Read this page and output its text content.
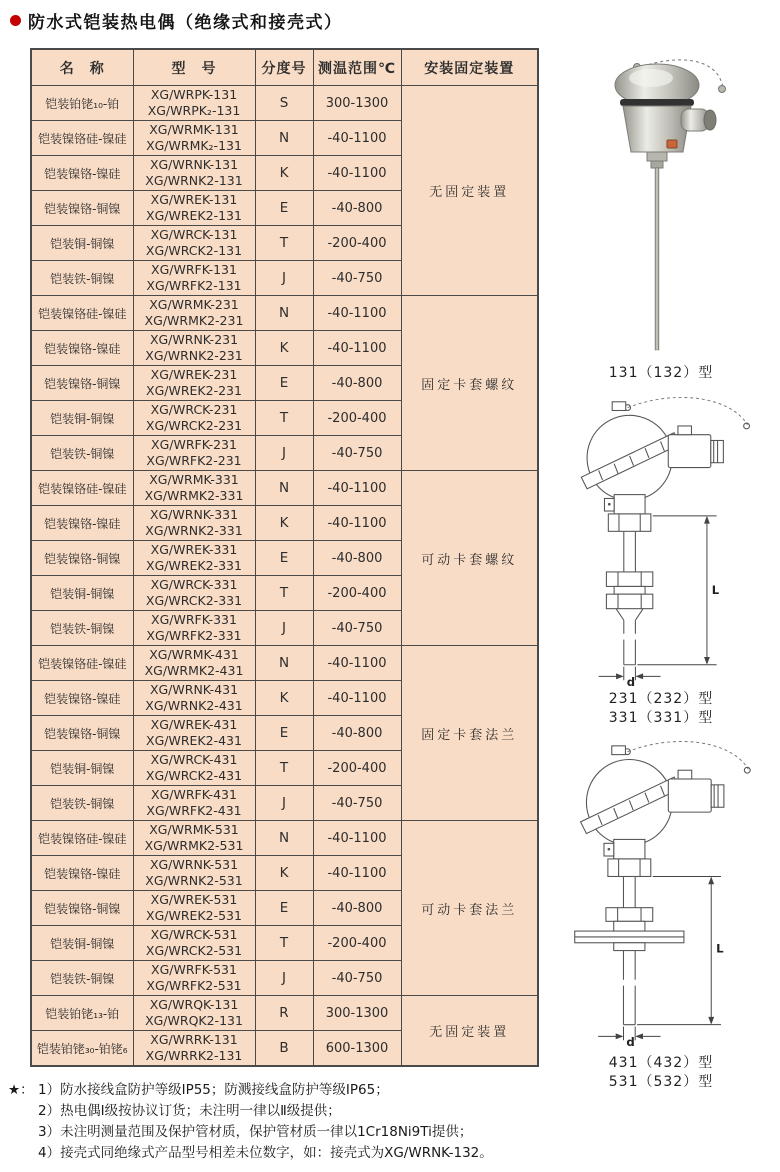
防水式铠装热电偶（绝缘式和接壳式）
名　称	型　号	分度号	测温范围℃	安装固定装置
铠装铂铑₁₀-铂	XG/WRPK-131
XG/WRPK₂-131	S	300-1300	无固定装置
铠装镍铬硅-镍硅	XG/WRMK-131
XG/WRMK₂-131	N	-40-1100	
铠装镍铬-镍硅	XG/WRNK-131
XG/WRNK2-131	K	-40-1100	
铠装镍铬-铜镍	XG/WREK-131
XG/WREK2-131	E	-40-800	
铠装铜-铜镍	XG/WRCK-131
XG/WRCK2-131	T	-200-400	
铠装铁-铜镍	XG/WRFK-131
XG/WRFK2-131	J	-40-750	
铠装镍铬硅-镍硅	XG/WRMK-231
XG/WRMK2-231	N	-40-1100	固定卡套螺纹
铠装镍铬-镍硅	XG/WRNK-231
XG/WRNK2-231	K	-40-1100	
铠装镍铬-铜镍	XG/WREK-231
XG/WREK2-231	E	-40-800	
铠装铜-铜镍	XG/WRCK-231
XG/WRCK2-231	T	-200-400	
铠装铁-铜镍	XG/WRFK-231
XG/WRFK2-231	J	-40-750	
铠装镍铬硅-镍硅	XG/WRMK-331
XG/WRMK2-331	N	-40-1100	可动卡套螺纹
铠装镍铬-镍硅	XG/WRNK-331
XG/WRNK2-331	K	-40-1100	
铠装镍铬-铜镍	XG/WREK-331
XG/WREK2-331	E	-40-800	
铠装铜-铜镍	XG/WRCK-331
XG/WRCK2-331	T	-200-400	
铠装铁-铜镍	XG/WRFK-331
XG/WRFK2-331	J	-40-750	
铠装镍铬硅-镍硅	XG/WRMK-431
XG/WRMK2-431	N	-40-1100	固定卡套法兰
铠装镍铬-镍硅	XG/WRNK-431
XG/WRNK2-431	K	-40-1100	
铠装镍铬-铜镍	XG/WREK-431
XG/WREK2-431	E	-40-800	
铠装铜-铜镍	XG/WRCK-431
XG/WRCK2-431	T	-200-400	
铠装铁-铜镍	XG/WRFK-431
XG/WRFK2-431	J	-40-750	
铠装镍铬硅-镍硅	XG/WRMK-531
XG/WRMK2-531	N	-40-1100	可动卡套法兰
铠装镍铬-镍硅	XG/WRNK-531
XG/WRNK2-531	K	-40-1100	
铠装镍铬-铜镍	XG/WREK-531
XG/WREK2-531	E	-40-800	
铠装铜-铜镍	XG/WRCK-531
XG/WRCK2-531	T	-200-400	
铠装铁-铜镍	XG/WRFK-531
XG/WRFK2-531	J	-40-750	
铠装铂铑₁₃-铂	XG/WRQK-131
XG/WRQK2-131	R	300-1300	无固定装置
铠装铂铑₃₀-铂铑₆	XG/WRRK-131
XG/WRRK2-131	B	600-1300	
131（132）型
L
d
231（232）型
331（331）型
L
d
431（432）型
531（532）型
★： 1）防水接线盒防护等级IP55；防溅接线盒防护等级IP65；
2）热电偶Ⅰ级按协议订货；未注明一律以Ⅱ级提供；
3）未注明测量范围及保护管材质，保护管材质一律以1Cr18Ni9Ti提供；
4）接壳式同绝缘式产品型号相差未位数字，如：接壳式为XG/WRNK-132。
